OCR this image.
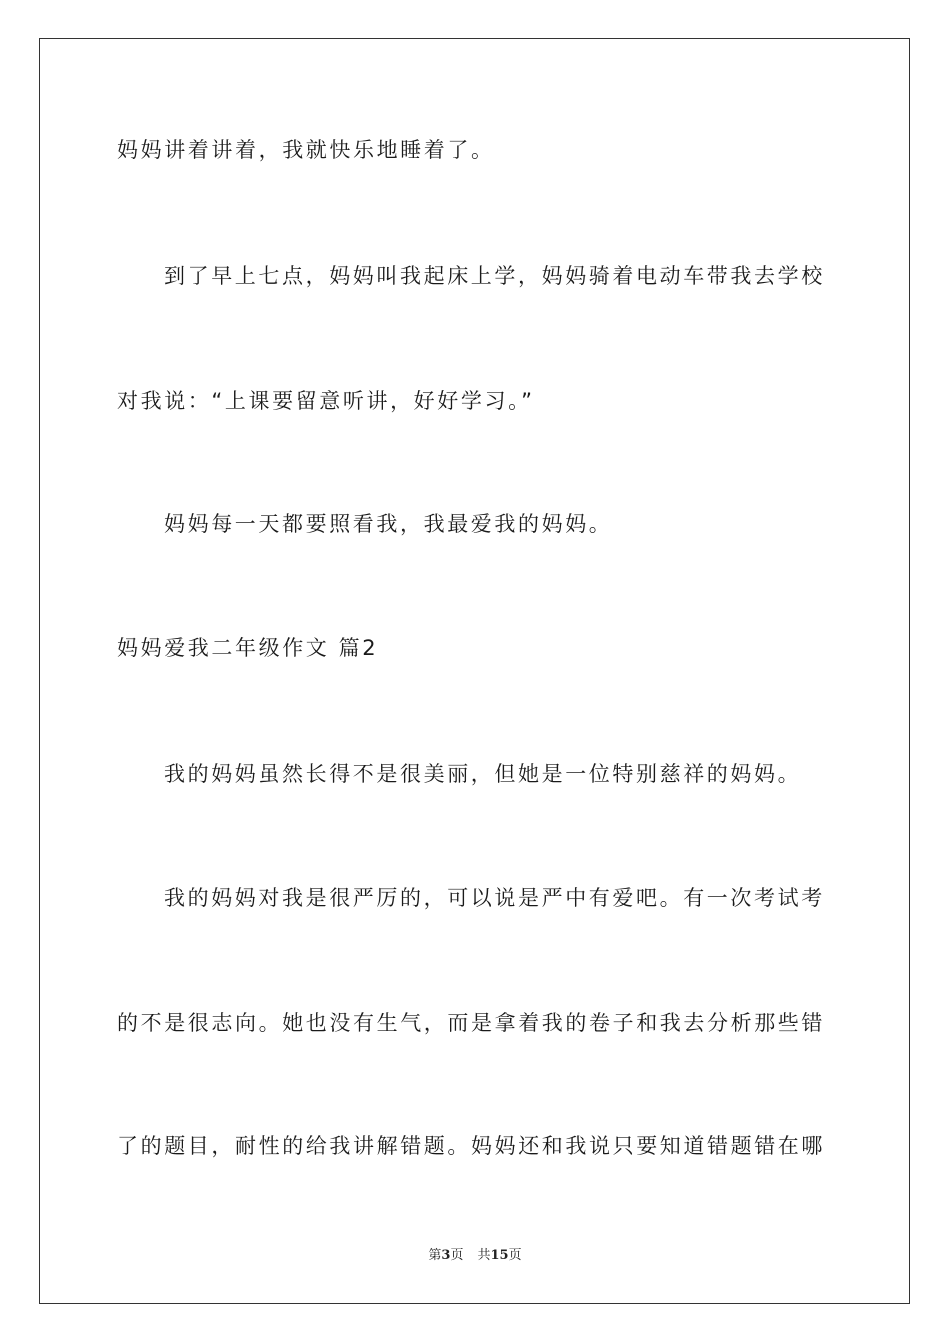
妈妈讲着讲着，我就快乐地睡着了。
到了早上七点，妈妈叫我起床上学，妈妈骑着电动车带我去学校
对我说：“上课要留意听讲，好好学习。”
妈妈每一天都要照看我，我最爱我的妈妈。
妈妈爱我二年级作文 篇2
我的妈妈虽然长得不是很美丽，但她是一位特别慈祥的妈妈。
我的妈妈对我是很严厉的，可以说是严中有爱吧。有一次考试考
的不是很志向。她也没有生气，而是拿着我的卷子和我去分析那些错
了的题目，耐性的给我讲解错题。妈妈还和我说只要知道错题错在哪
第3页 共15页
